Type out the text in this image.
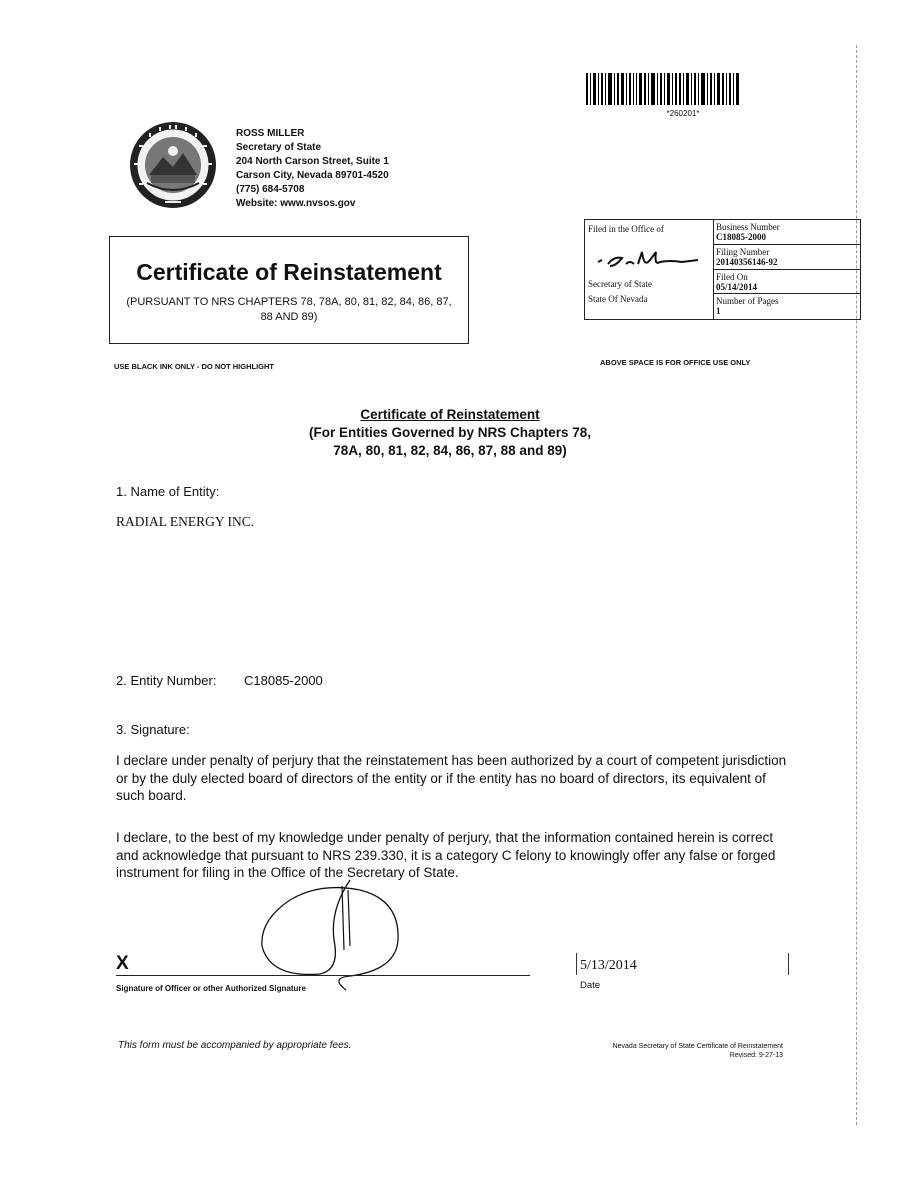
*260201*
ROSS MILLER
Secretary of State
204 North Carson Street, Suite 1
Carson City, Nevada 89701-4520
(775) 684-5708
Website: www.nvsos.gov
Filed in the Office of
Secretary of State
State Of Nevada
Business Number
C18085-2000
Filing Number
20140356146-92
Filed On
05/14/2014
Number of Pages
1
Certificate of Reinstatement
(PURSUANT TO NRS CHAPTERS 78, 78A, 80, 81, 82, 84, 86, 87, 88 AND 89)
USE BLACK INK ONLY - DO NOT HIGHLIGHT	ABOVE SPACE IS FOR OFFICE USE ONLY
Certificate of Reinstatement
(For Entities Governed by NRS Chapters 78,
78A, 80, 81, 82, 84, 86, 87, 88 and 89)
1. Name of Entity:
RADIAL ENERGY INC.
2. Entity Number: C18085-2000
3. Signature:
I declare under penalty of perjury that the reinstatement has been authorized by a court of competent jurisdiction or by the duly elected board of directors of the entity or if the entity has no board of directors, its equivalent of such board.
I declare, to the best of my knowledge under penalty of perjury, that the information contained herein is correct and acknowledge that pursuant to NRS 239.330, it is a category C felony to knowingly offer any false or forged instrument for filing in the Office of the Secretary of State.
X
Signature of Officer or other Authorized Signature
5/13/2014
Date
This form must be accompanied by appropriate fees.	Nevada Secretary of State Certificate of Reinstatement
Revised: 9-27-13
